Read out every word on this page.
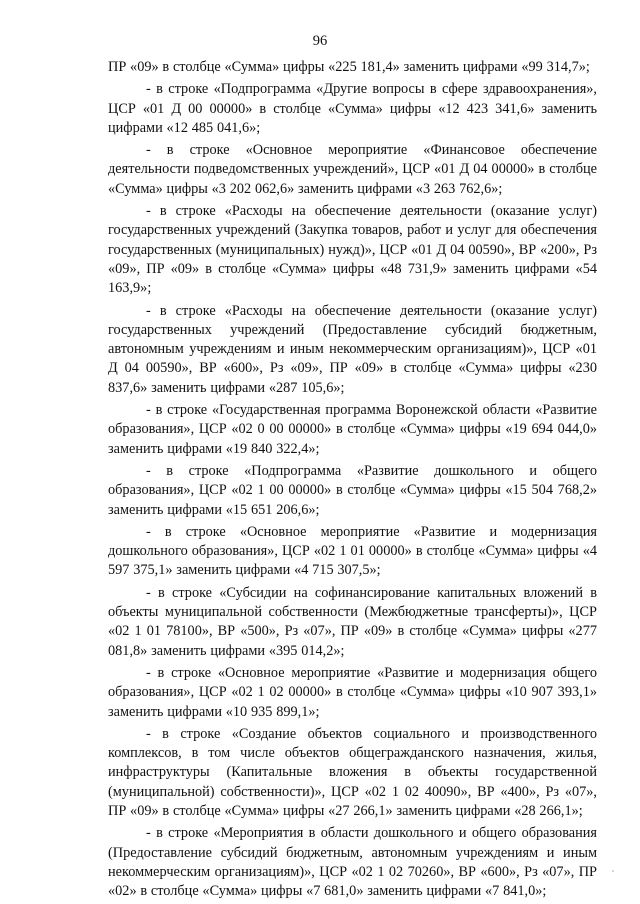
96

ПР «09» в столбце «Сумма» цифры «225 181,4» заменить цифрами «99 314,7»;

- в строке «Подпрограмма «Другие вопросы в сфере здравоохранения», ЦСР «01 Д 00 00000» в столбце «Сумма» цифры «12 423 341,6» заменить цифрами «12 485 041,6»;

- в строке «Основное мероприятие «Финансовое обеспечение деятельности подведомственных учреждений», ЦСР «01 Д 04 00000» в столбце «Сумма» цифры «3 202 062,6» заменить цифрами «3 263 762,6»;

- в строке «Расходы на обеспечение деятельности (оказание услуг) государственных учреждений (Закупка товаров, работ и услуг для обеспечения государственных (муниципальных) нужд)», ЦСР «01 Д 04 00590», ВР «200», Рз «09», ПР «09» в столбце «Сумма» цифры «48 731,9» заменить цифрами «54 163,9»;

- в строке «Расходы на обеспечение деятельности (оказание услуг) государственных учреждений (Предоставление субсидий бюджетным, автономным учреждениям и иным некоммерческим организациям)», ЦСР «01 Д 04 00590», ВР «600», Рз «09», ПР «09» в столбце «Сумма» цифры «230 837,6» заменить цифрами «287 105,6»;

- в строке «Государственная программа Воронежской области «Развитие образования», ЦСР «02 0 00 00000» в столбце «Сумма» цифры «19 694 044,0» заменить цифрами «19 840 322,4»;

- в строке «Подпрограмма «Развитие дошкольного и общего образования», ЦСР «02 1 00 00000» в столбце «Сумма» цифры «15 504 768,2» заменить цифрами «15 651 206,6»;

- в строке «Основное мероприятие «Развитие и модернизация дошкольного образования», ЦСР «02 1 01 00000» в столбце «Сумма» цифры «4 597 375,1» заменить цифрами «4 715 307,5»;

- в строке «Субсидии на софинансирование капитальных вложений в объекты муниципальной собственности (Межбюджетные трансферты)», ЦСР «02 1 01 78100», ВР «500», Рз «07», ПР «09» в столбце «Сумма» цифры «277 081,8» заменить цифрами «395 014,2»;

- в строке «Основное мероприятие «Развитие и модернизация общего образования», ЦСР «02 1 02 00000» в столбце «Сумма» цифры «10 907 393,1» заменить цифрами «10 935 899,1»;

- в строке «Создание объектов социального и производственного комплексов, в том числе объектов общегражданского назначения, жилья, инфраструктуры (Капитальные вложения в объекты государственной (муниципальной) собственности)», ЦСР «02 1 02 40090», ВР «400», Рз «07», ПР «09» в столбце «Сумма» цифры «27 266,1» заменить цифрами «28 266,1»;

- в строке «Мероприятия в области дошкольного и общего образования (Предоставление субсидий бюджетным, автономным учреждениям и иным некоммерческим организациям)», ЦСР «02 1 02 70260», ВР «600», Рз «07», ПР «02» в столбце «Сумма» цифры «7 681,0» заменить цифрами «7 841,0»;
